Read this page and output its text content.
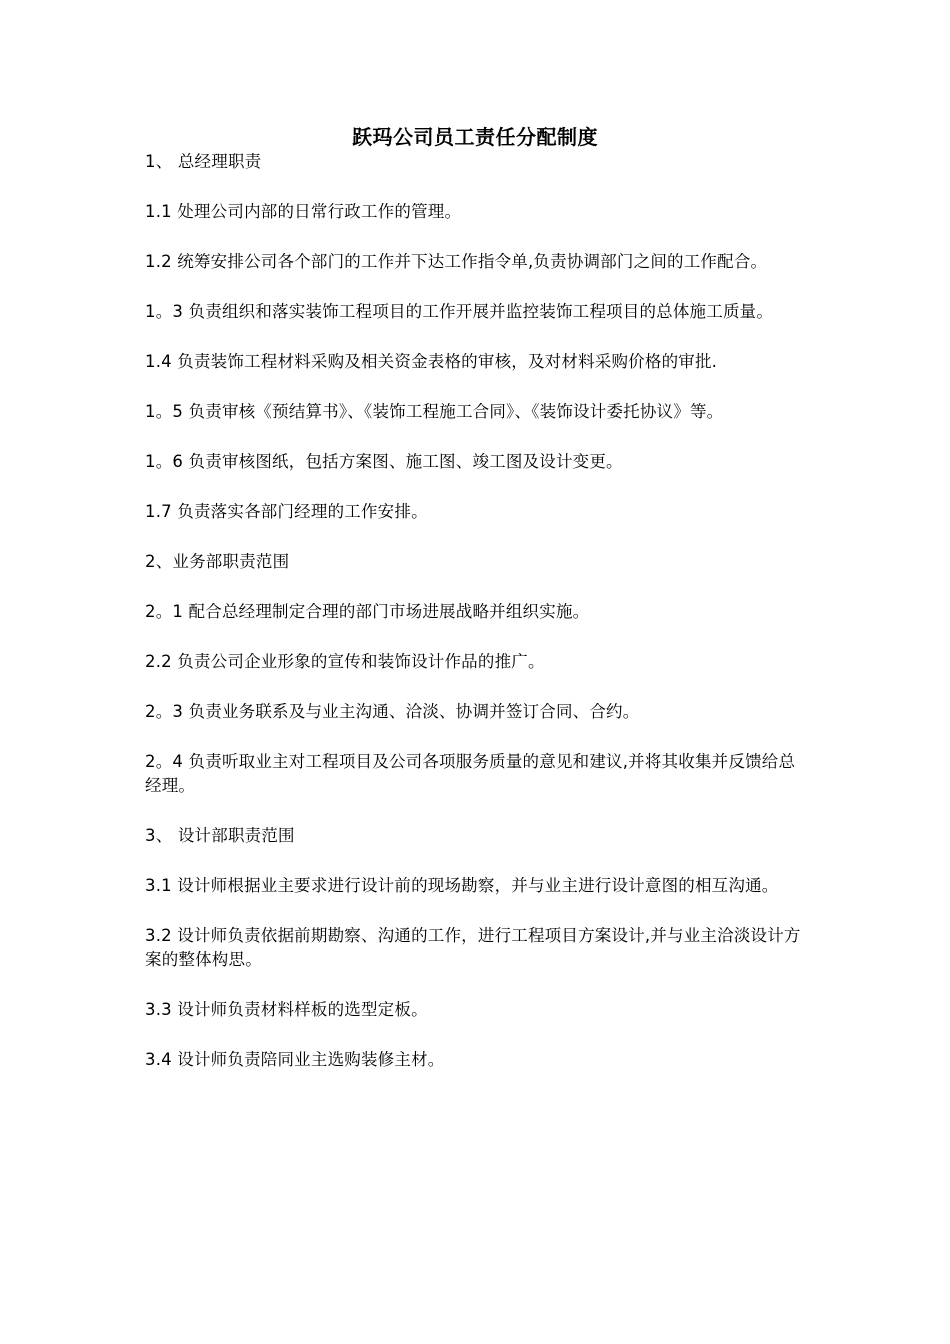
跃玛公司员工责任分配制度

1、 总经理职责

1.1 处理公司内部的日常行政工作的管理。

1.2 统筹安排公司各个部门的工作并下达工作指令单,负责协调部门之间的工作配合。

1。3 负责组织和落实装饰工程项目的工作开展并监控装饰工程项目的总体施工质量。

1.4 负责装饰工程材料采购及相关资金表格的审核，及对材料采购价格的审批.

1。5 负责审核《预结算书》、《装饰工程施工合同》、《装饰设计委托协议》等。

1。6 负责审核图纸，包括方案图、施工图、竣工图及设计变更。

1.7 负责落实各部门经理的工作安排。

2、业务部职责范围

2。1 配合总经理制定合理的部门市场进展战略并组织实施。

2.2 负责公司企业形象的宣传和装饰设计作品的推广。

2。3 负责业务联系及与业主沟通、洽淡、协调并签订合同、合约。

2。4 负责听取业主对工程项目及公司各项服务质量的意见和建议,并将其收集并反馈给总经理。

3、 设计部职责范围

3.1 设计师根据业主要求进行设计前的现场勘察，并与业主进行设计意图的相互沟通。

3.2 设计师负责依据前期勘察、沟通的工作，进行工程项目方案设计,并与业主洽淡设计方案的整体构思。

3.3 设计师负责材料样板的选型定板。

3.4 设计师负责陪同业主选购装修主材。
